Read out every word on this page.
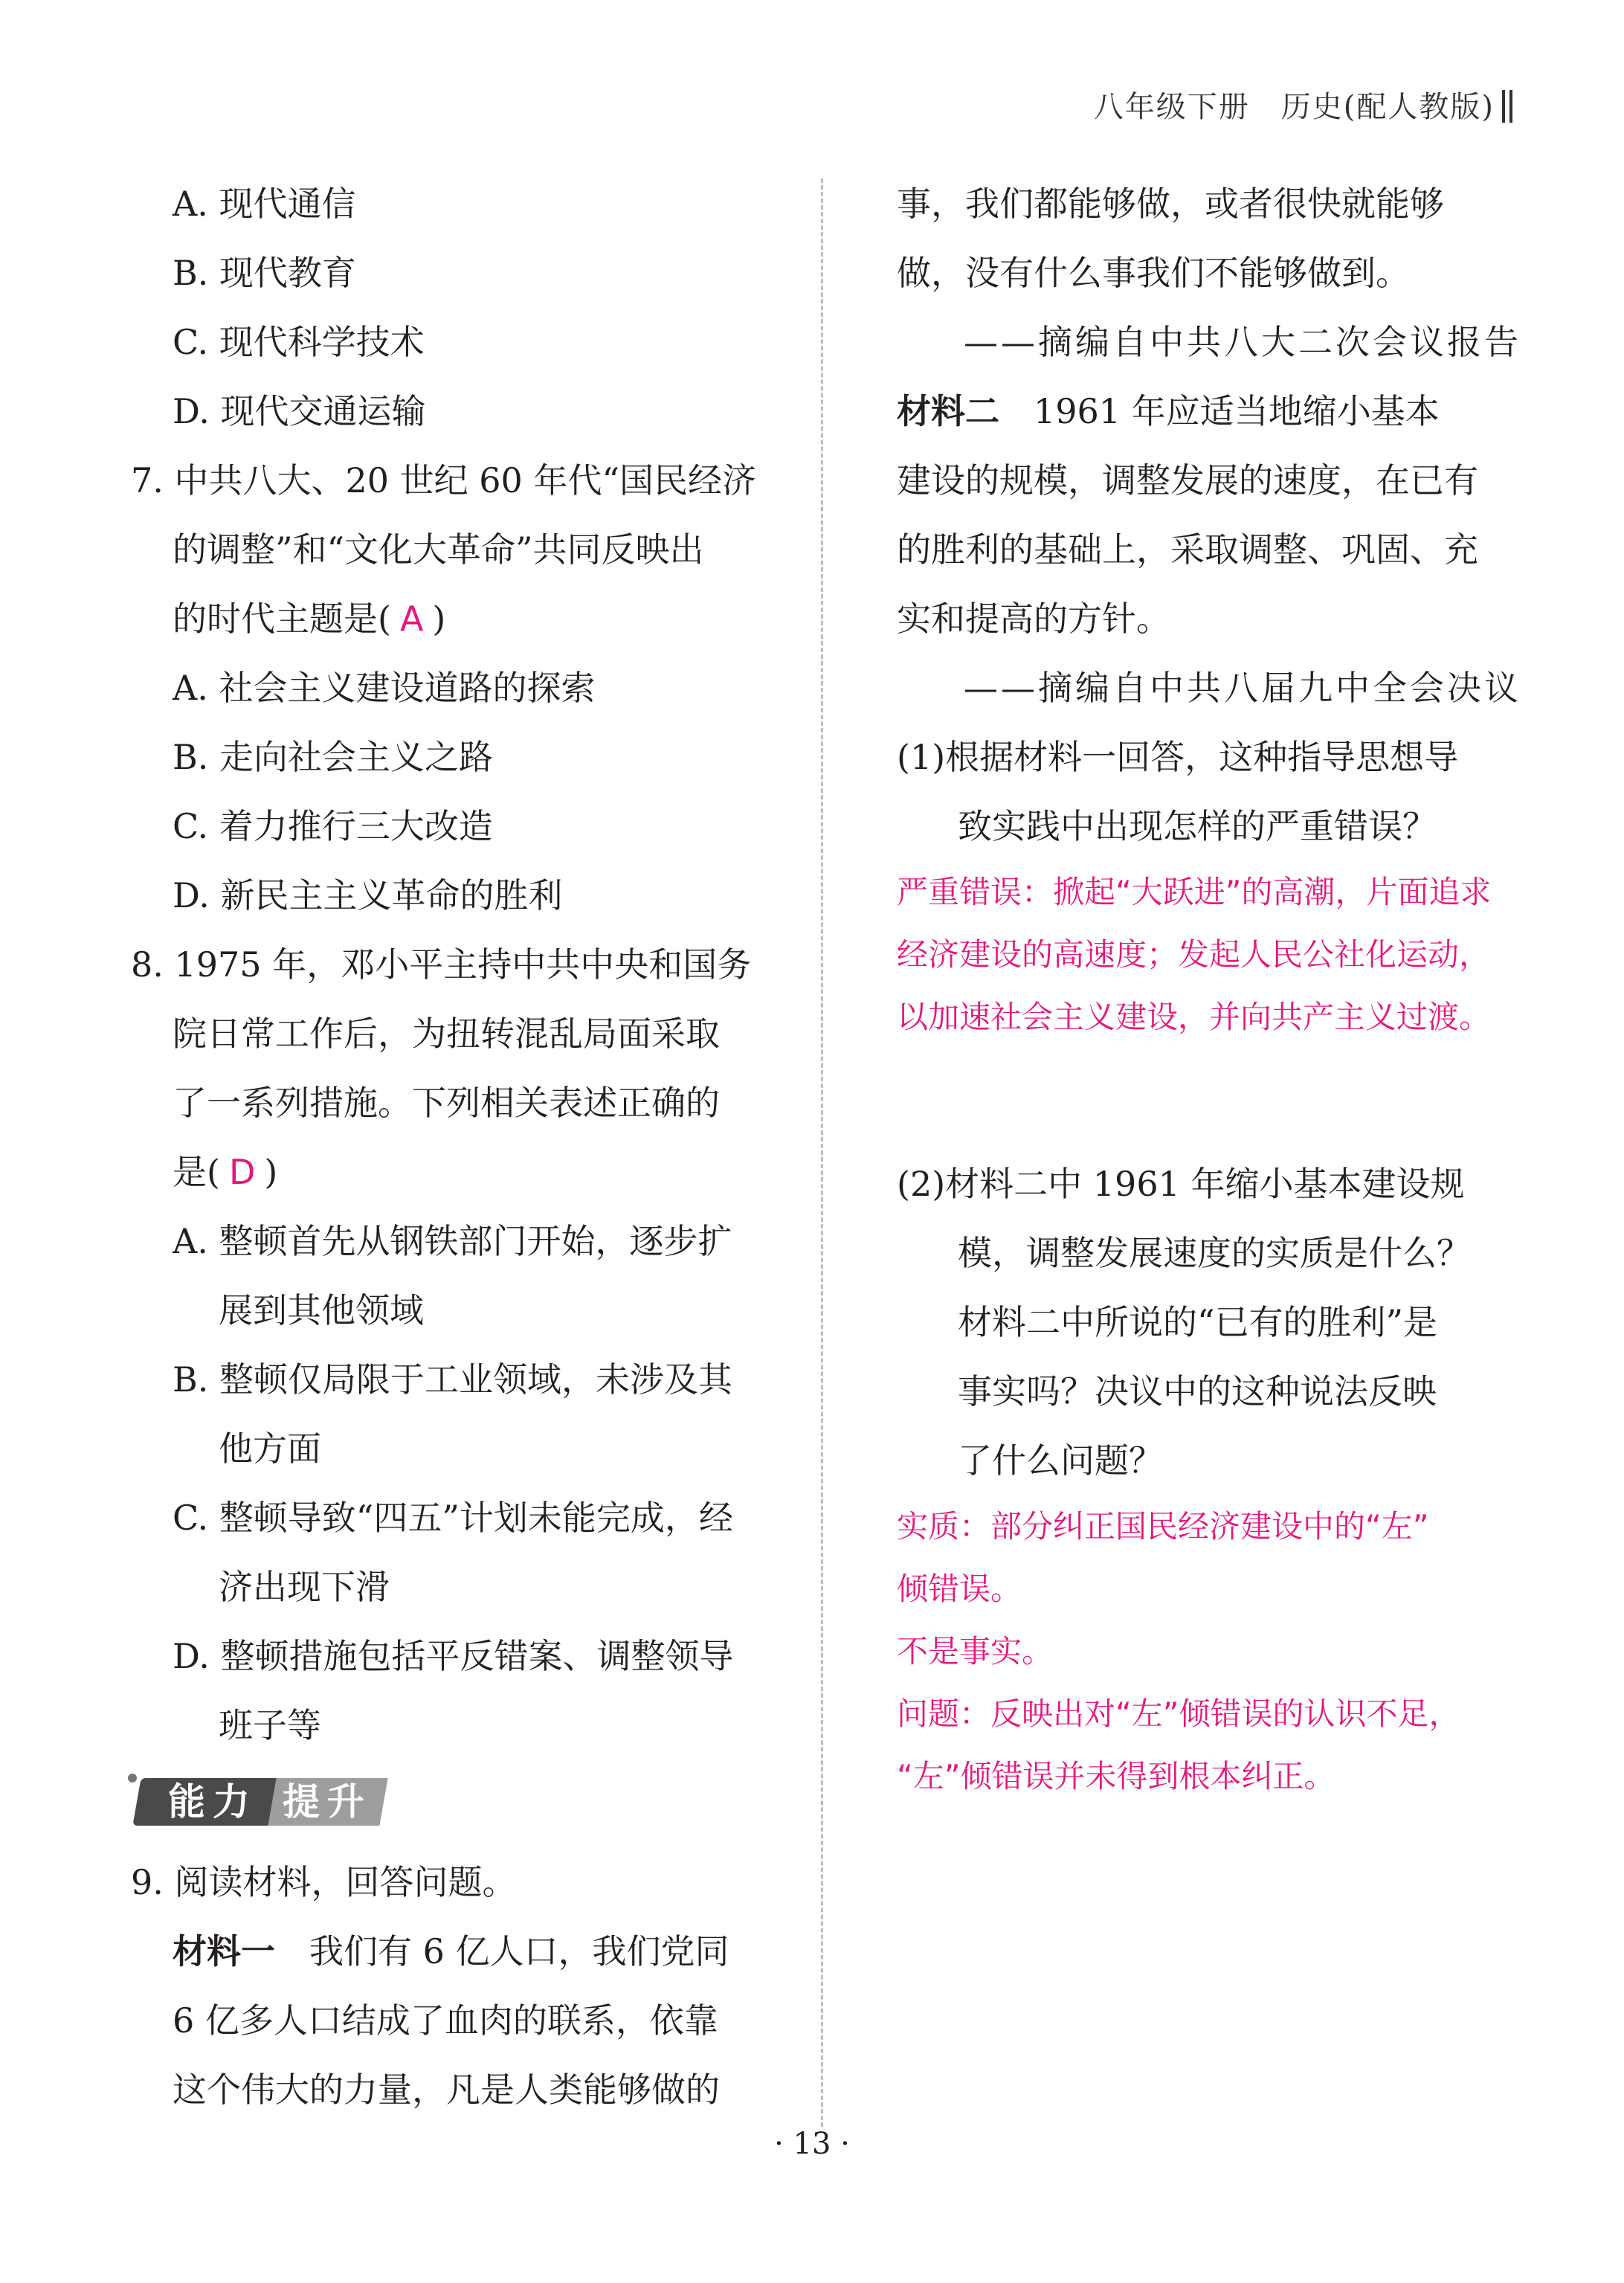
八年级下册　历史(配人教版)
A. 现代通信
B. 现代教育
C. 现代科学技术
D. 现代交通运输
7. 中共八大、20 世纪 60 年代“国民经济
的调整”和“文化大革命”共同反映出
的时代主题是( A )
A. 社会主义建设道路的探索
B. 走向社会主义之路
C. 着力推行三大改造
D. 新民主主义革命的胜利
8. 1975 年，邓小平主持中共中央和国务
院日常工作后，为扭转混乱局面采取
了一系列措施。下列相关表述正确的
是( D )
A. 整顿首先从钢铁部门开始，逐步扩
展到其他领域
B. 整顿仅局限于工业领域，未涉及其
他方面
C. 整顿导致“四五”计划未能完成，经
济出现下滑
D. 整顿措施包括平反错案、调整领导
班子等
能力 提升
9. 阅读材料，回答问题。
材料一　我们有 6 亿人口，我们党同
6 亿多人口结成了血肉的联系，依靠
这个伟大的力量，凡是人类能够做的
事，我们都能够做，或者很快就能够
做，没有什么事我们不能够做到。
——摘编自中共八大二次会议报告
材料二　1961 年应适当地缩小基本
建设的规模，调整发展的速度，在已有
的胜利的基础上，采取调整、巩固、充
实和提高的方针。
——摘编自中共八届九中全会决议
(1)根据材料一回答，这种指导思想导
致实践中出现怎样的严重错误？
严重错误：掀起“大跃进”的高潮，片面追求
经济建设的高速度；发起人民公社化运动，
以加速社会主义建设，并向共产主义过渡。
(2)材料二中 1961 年缩小基本建设规
模，调整发展速度的实质是什么？
材料二中所说的“已有的胜利”是
事实吗？决议中的这种说法反映
了什么问题？
实质：部分纠正国民经济建设中的“左”
倾错误。
不是事实。
问题：反映出对“左”倾错误的认识不足，
“左”倾错误并未得到根本纠正。
· 13 ·
